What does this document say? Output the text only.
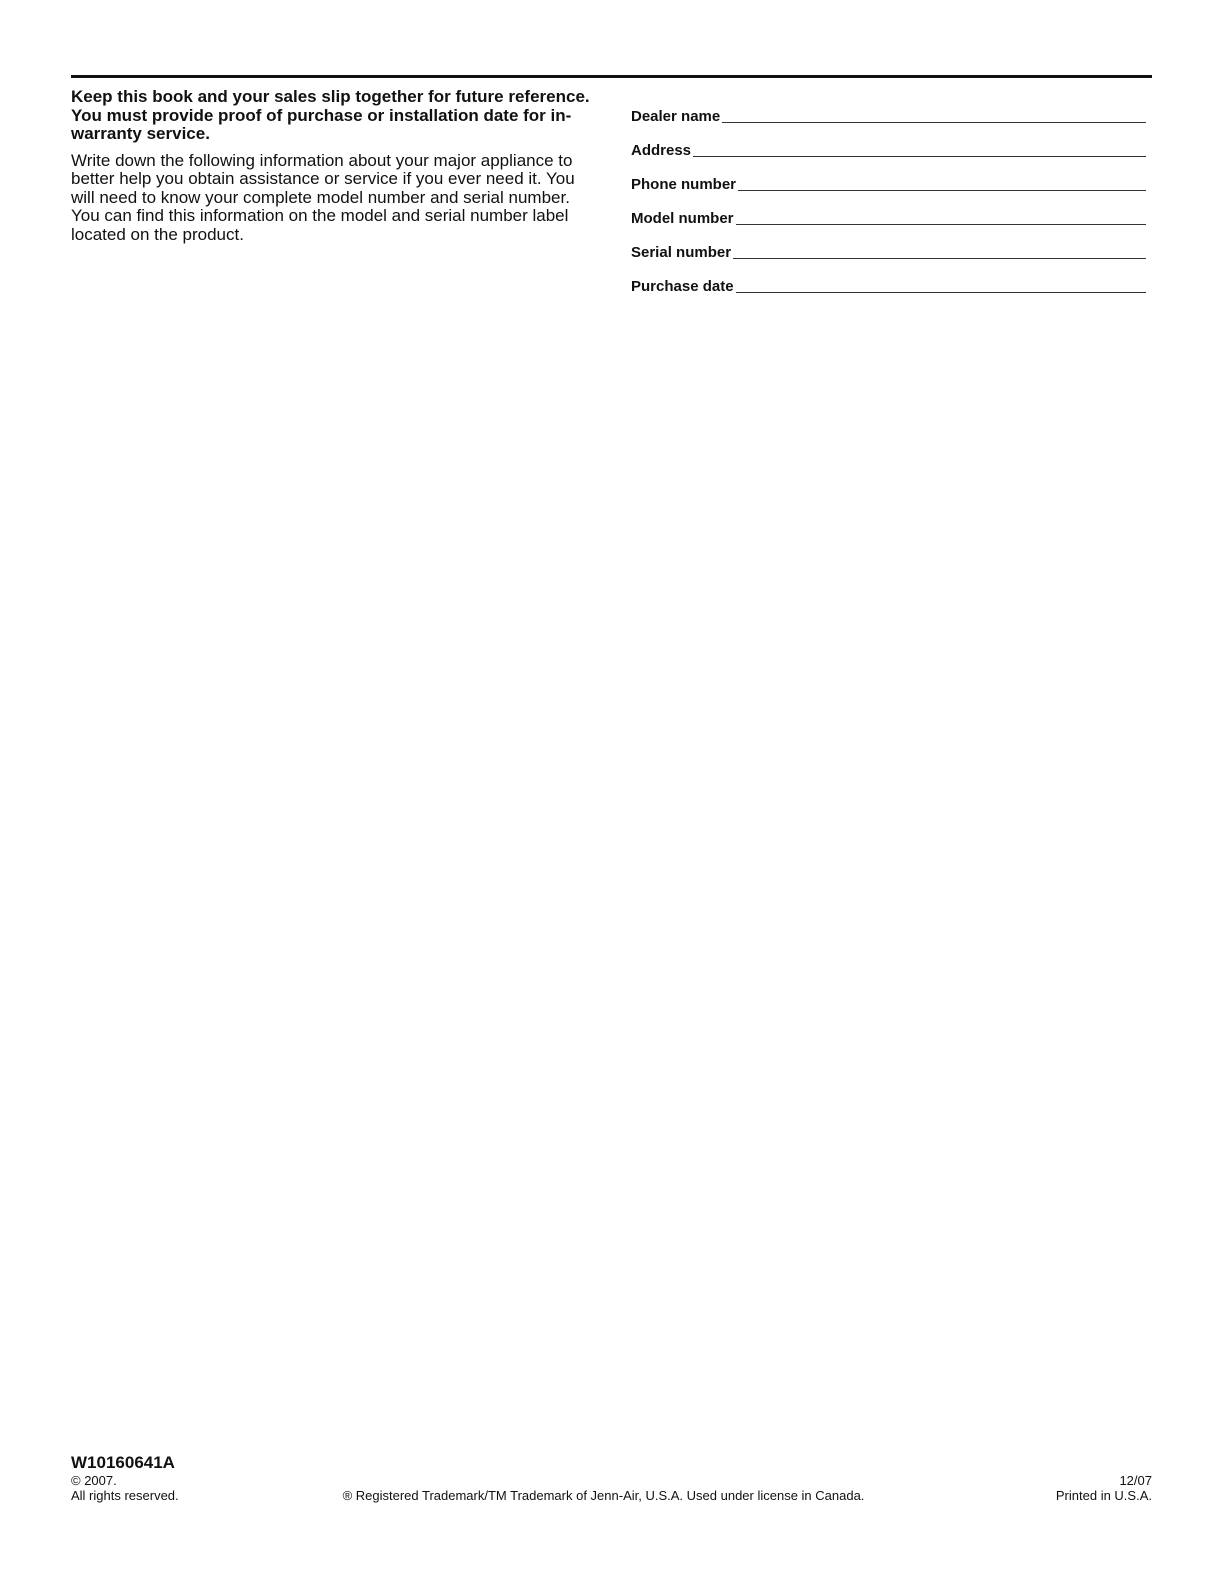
Keep this book and your sales slip together for future reference. You must provide proof of purchase or installation date for in-warranty service.

Write down the following information about your major appliance to better help you obtain assistance or service if you ever need it. You will need to know your complete model number and serial number. You can find this information on the model and serial number label located on the product.

Dealer name
Address
Phone number
Model number
Serial number
Purchase date
W10160641A
© 2007.
All rights reserved.	® Registered Trademark/TM Trademark of Jenn-Air, U.S.A. Used under license in Canada.
12/07
Printed in U.S.A.
